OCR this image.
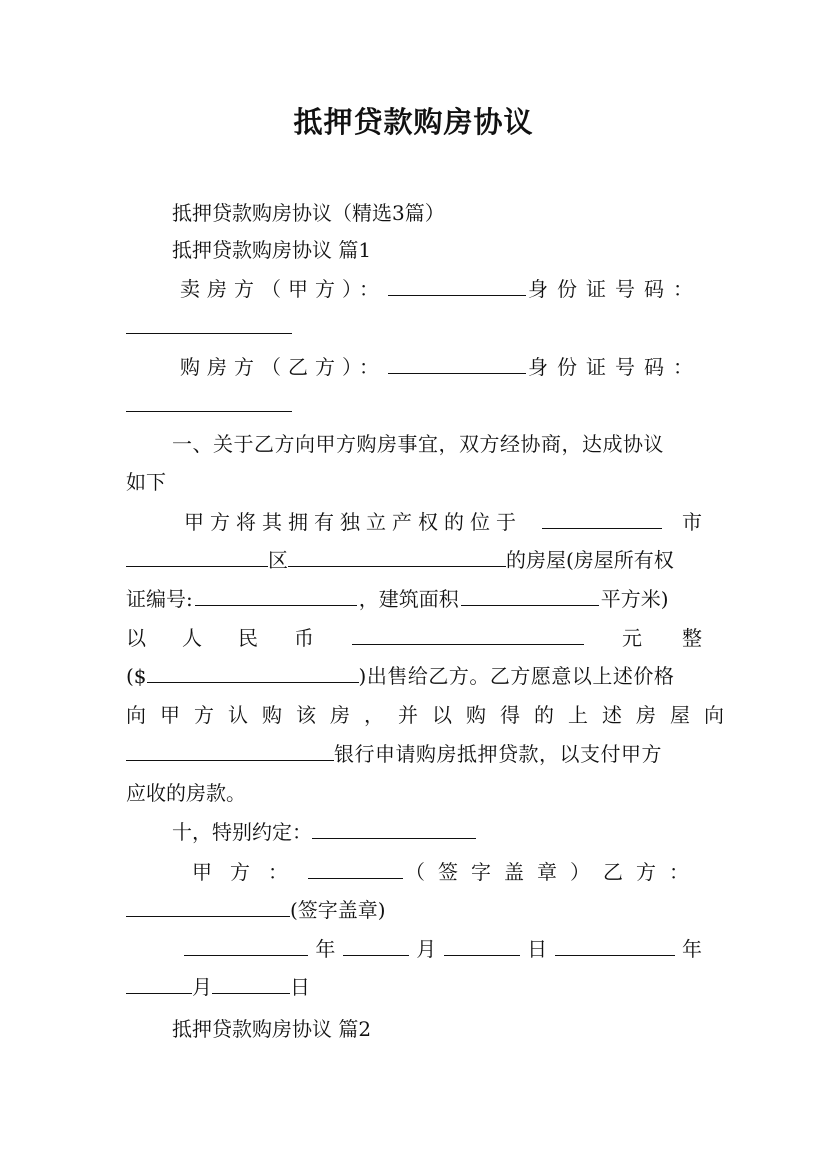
抵押贷款购房协议
抵押贷款购房协议（精选3篇）
抵押贷款购房协议 篇1
卖房方（甲方）：	身份证号码：
购房方（乙方）：	身份证号码：
一、关于乙方向甲方购房事宜，双方经协商，达成协议
如下
甲方将其拥有独立产权的位于	市
区	的房屋(房屋所有权
证编号:	，建筑面积	平方米)
以 人 民 币	元 整
($	)出售给乙方。乙方愿意以上述价格
向甲方认购该房，并以购得的上述房屋向
银行申请购房抵押贷款，以支付甲方
应收的房款。
十，特别约定：
甲方：	（签字盖章）乙方：
(签字盖章)
年	月	日	年
月	日
抵押贷款购房协议 篇2
